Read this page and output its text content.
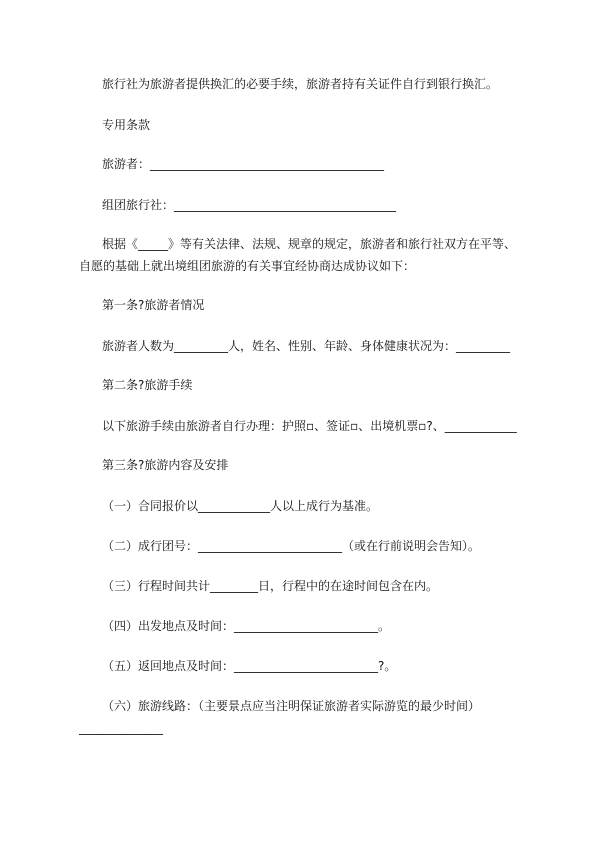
旅行社为旅游者提供换汇的必要手续，旅游者持有关证件自行到银行换汇。
专用条款
旅游者：_______________________________________
组团旅行社：_____________________________________
根据《_____》等有关法律、法规、规章的规定，旅游者和旅行社双方在平等、
自愿的基础上就出境组团旅游的有关事宜经协商达成协议如下：
第一条?旅游者情况
旅游者人数为_________人，姓名、性别、年龄、身体健康状况为：_________
第二条?旅游手续
以下旅游手续由旅游者自行办理：护照▫、签证▫、出境机票▫?、____________
第三条?旅游内容及安排
（一）合同报价以____________人以上成行为基准。
（二）成行团号：________________________（或在行前说明会告知）。
（三）行程时间共计________日，行程中的在途时间包含在内。
（四）出发地点及时间：________________________。
（五）返回地点及时间：________________________?。
（六）旅游线路：（主要景点应当注明保证旅游者实际游览的最少时间）
______________
